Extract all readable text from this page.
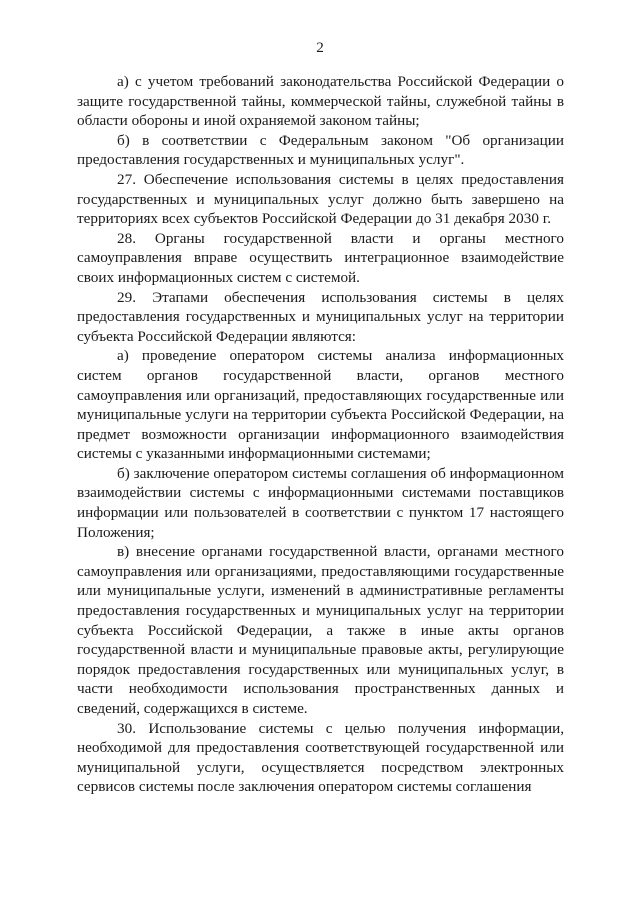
2

а) с учетом требований законодательства Российской Федерации о защите государственной тайны, коммерческой тайны, служебной тайны в области обороны и иной охраняемой законом тайны;

б) в соответствии с Федеральным законом "Об организации предоставления государственных и муниципальных услуг".

27. Обеспечение использования системы в целях предоставления государственных и муниципальных услуг должно быть завершено на территориях всех субъектов Российской Федерации до 31 декабря 2030 г.

28. Органы государственной власти и органы местного самоуправления вправе осуществить интеграционное взаимодействие своих информационных систем с системой.

29. Этапами обеспечения использования системы в целях предоставления государственных и муниципальных услуг на территории субъекта Российской Федерации являются:

а) проведение оператором системы анализа информационных систем органов государственной власти, органов местного самоуправления или организаций, предоставляющих государственные или муниципальные услуги на территории субъекта Российской Федерации, на предмет возможности организации информационного взаимодействия системы с указанными информационными системами;

б) заключение оператором системы соглашения об информационном взаимодействии системы с информационными системами поставщиков информации или пользователей в соответствии с пунктом 17 настоящего Положения;

в) внесение органами государственной власти, органами местного самоуправления или организациями, предоставляющими государственные или муниципальные услуги, изменений в административные регламенты предоставления государственных и муниципальных услуг на территории субъекта Российской Федерации, а также в иные акты органов государственной власти и муниципальные правовые акты, регулирующие порядок предоставления государственных или муниципальных услуг, в части необходимости использования пространственных данных и сведений, содержащихся в системе.

30. Использование системы с целью получения информации, необходимой для предоставления соответствующей государственной или муниципальной услуги, осуществляется посредством электронных сервисов системы после заключения оператором системы соглашения
